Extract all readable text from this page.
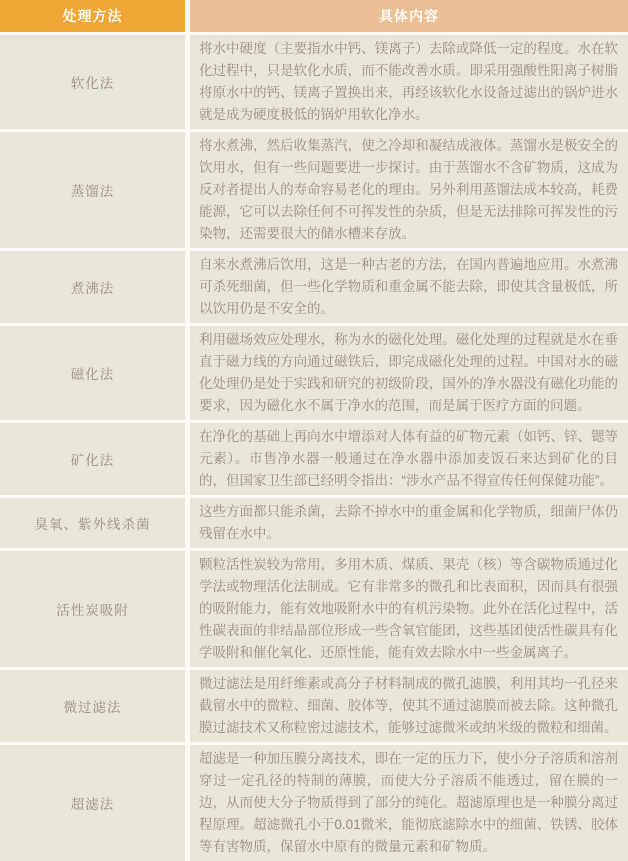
处理方法	具体内容
软化法
将水中硬度（主要指水中钙、镁离子）去除或降低一定的程度。水在软化过程中，只是软化水质，而不能改善水质。即采用强酸性阳离子树脂将原水中的钙、镁离子置换出来，再经该软化水设备过滤出的锅炉进水就是成为硬度极低的锅炉用软化净水。
蒸馏法
将水煮沸，然后收集蒸汽，使之冷却和凝结成液体。蒸馏水是极安全的饮用水，但有一些问题要进一步探讨。由于蒸馏水不含矿物质，这成为反对者提出人的寿命容易老化的理由。另外利用蒸馏法成本较高，耗费能源，它可以去除任何不可挥发性的杂质，但是无法排除可挥发性的污染物，还需要很大的储水槽来存放。
煮沸法
自来水煮沸后饮用，这是一种古老的方法，在国内普遍地应用。水煮沸可杀死细菌，但一些化学物质和重金属不能去除，即使其含量极低，所以饮用仍是不安全的。
磁化法
利用磁场效应处理水，称为水的磁化处理。磁化处理的过程就是水在垂直于磁力线的方向通过磁铁后，即完成磁化处理的过程。中国对水的磁化处理仍是处于实践和研究的初级阶段，国外的净水器没有磁化功能的要求，因为磁化水不属于净水的范围，而是属于医疗方面的问题。
矿化法
在净化的基础上再向水中增添对人体有益的矿物元素（如钙、锌、锶等元素）。市售净水器一般通过在净水器中添加麦饭石来达到矿化的目的，但国家卫生部已经明令指出：“涉水产品不得宣传任何保健功能”。
臭氧、紫外线杀菌
这些方面都只能杀菌，去除不掉水中的重金属和化学物质，细菌尸体仍残留在水中。
活性炭吸附
颗粒活性炭较为常用，多用木质、煤质、果壳（核）等含碳物质通过化学法或物理活化法制成。它有非常多的微孔和比表面积，因而具有很强的吸附能力，能有效地吸附水中的有机污染物。此外在活化过程中，活性碳表面的非结晶部位形成一些含氧官能团，这些基团使活性碳具有化学吸附和催化氧化、还原性能，能有效去除水中一些金属离子。
微过滤法
微过滤法是用纤维素或高分子材料制成的微孔滤膜，利用其均一孔径来截留水中的微粒、细菌、胶体等，使其不通过滤膜而被去除。这种微孔膜过滤技术又称粒密过滤技术，能够过滤微米或纳米级的微粒和细菌。
超滤法
超滤是一种加压膜分离技术，即在一定的压力下，使小分子溶质和溶剂穿过一定孔径的特制的薄膜，而使大分子溶质不能透过，留在膜的一边，从而使大分子物质得到了部分的纯化。超滤原理也是一种膜分离过程原理。超滤微孔小于0.01微米，能彻底滤除水中的细菌、铁锈、胶体等有害物质，保留水中原有的微量元素和矿物质。
